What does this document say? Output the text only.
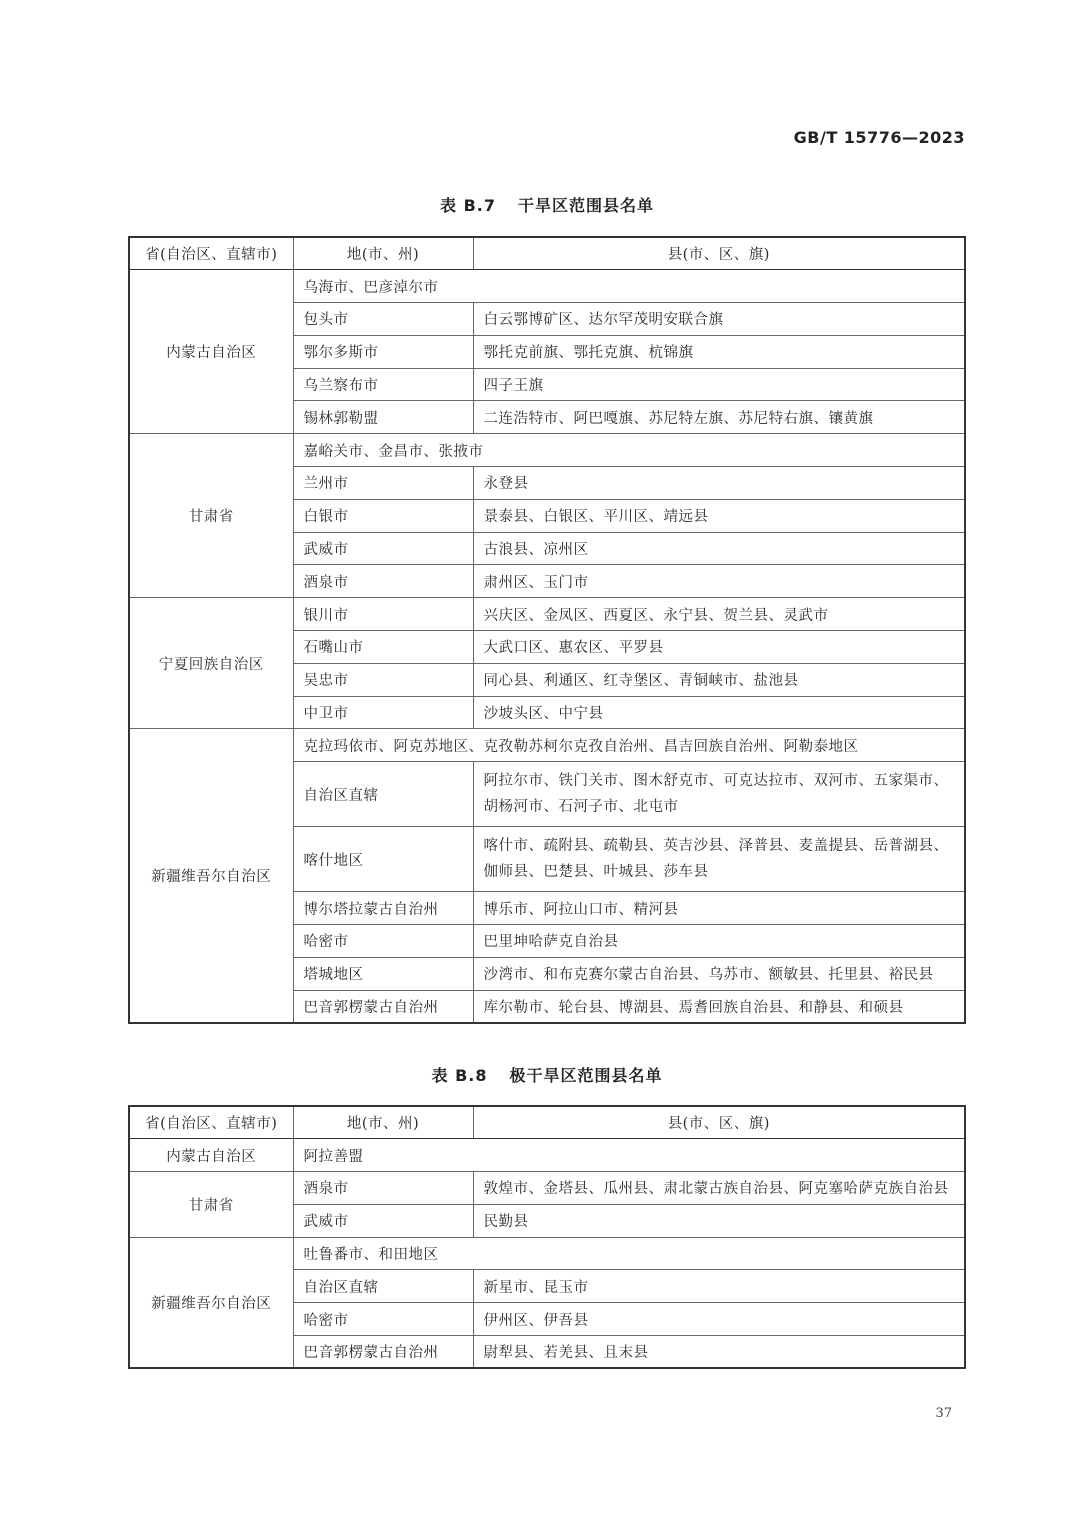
GB/T 15776—2023
表 B.7 干旱区范围县名单
省(自治区、直辖市)	地(市、州)	县(市、区、旗)
内蒙古自治区	乌海市、巴彦淖尔市	
	包头市	白云鄂博矿区、达尔罕茂明安联合旗
	鄂尔多斯市	鄂托克前旗、鄂托克旗、杭锦旗
	乌兰察布市	四子王旗
	锡林郭勒盟	二连浩特市、阿巴嘎旗、苏尼特左旗、苏尼特右旗、镶黄旗
甘肃省	嘉峪关市、金昌市、张掖市	
	兰州市	永登县
	白银市	景泰县、白银区、平川区、靖远县
	武威市	古浪县、凉州区
	酒泉市	肃州区、玉门市
宁夏回族自治区	银川市	兴庆区、金凤区、西夏区、永宁县、贺兰县、灵武市
	石嘴山市	大武口区、惠农区、平罗县
	吴忠市	同心县、利通区、红寺堡区、青铜峡市、盐池县
	中卫市	沙坡头区、中宁县
新疆维吾尔自治区	克拉玛依市、阿克苏地区、克孜勒苏柯尔克孜自治州、昌吉回族自治州、阿勒泰地区	
	自治区直辖	阿拉尔市、铁门关市、图木舒克市、可克达拉市、双河市、五家渠市、胡杨河市、石河子市、北屯市
	喀什地区	喀什市、疏附县、疏勒县、英吉沙县、泽普县、麦盖提县、岳普湖县、伽师县、巴楚县、叶城县、莎车县
	博尔塔拉蒙古自治州	博乐市、阿拉山口市、精河县
	哈密市	巴里坤哈萨克自治县
	塔城地区	沙湾市、和布克赛尔蒙古自治县、乌苏市、额敏县、托里县、裕民县
	巴音郭楞蒙古自治州	库尔勒市、轮台县、博湖县、焉耆回族自治县、和静县、和硕县
表 B.8 极干旱区范围县名单
省(自治区、直辖市)	地(市、州)	县(市、区、旗)
内蒙古自治区	阿拉善盟	
甘肃省	酒泉市	敦煌市、金塔县、瓜州县、肃北蒙古族自治县、阿克塞哈萨克族自治县
	武威市	民勤县
新疆维吾尔自治区	吐鲁番市、和田地区	
	自治区直辖	新星市、昆玉市
	哈密市	伊州区、伊吾县
	巴音郭楞蒙古自治州	尉犁县、若羌县、且末县
37
